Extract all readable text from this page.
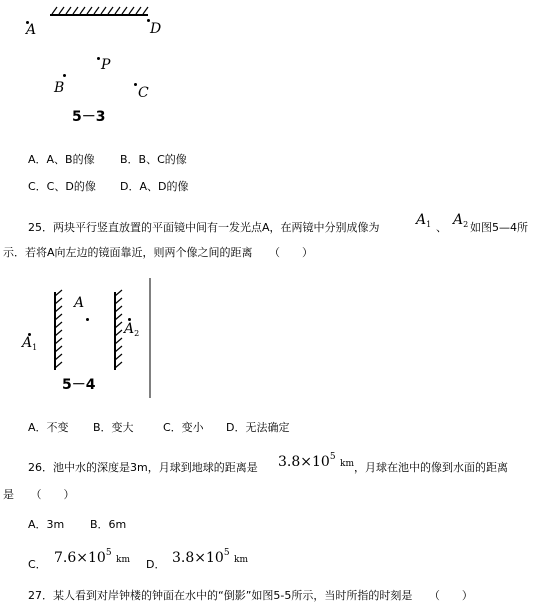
A	D
P
B	C
5－3
A．A、B的像 B．B、C的像
C．C、D的像 D．A、D的像
25．两块平行竖直放置的平面镜中间有一发光点A，在两镜中分别成像为	$A_1$ 、 $A_2$ 如图5—4所
示．若将A向左边的镜面靠近，则两个像之间的距离　　（　　）
A
$A_1$
$A_2$
5－4
A．不变 B．变大	C．变小 D．无法确定
26．池中水的深度是3m，月球到地球的距离是 $3.8\times 10^5$ km ，月球在池中的像到水面的距离
是　　（　　）
A．3m B．6m
C． $7.6\times 10^5$ km D． $3.8\times 10^5$ km
27．某人看到对岸钟楼的钟面在水中的“倒影”如图5-5所示，当时所指的时刻是　　（　　）
